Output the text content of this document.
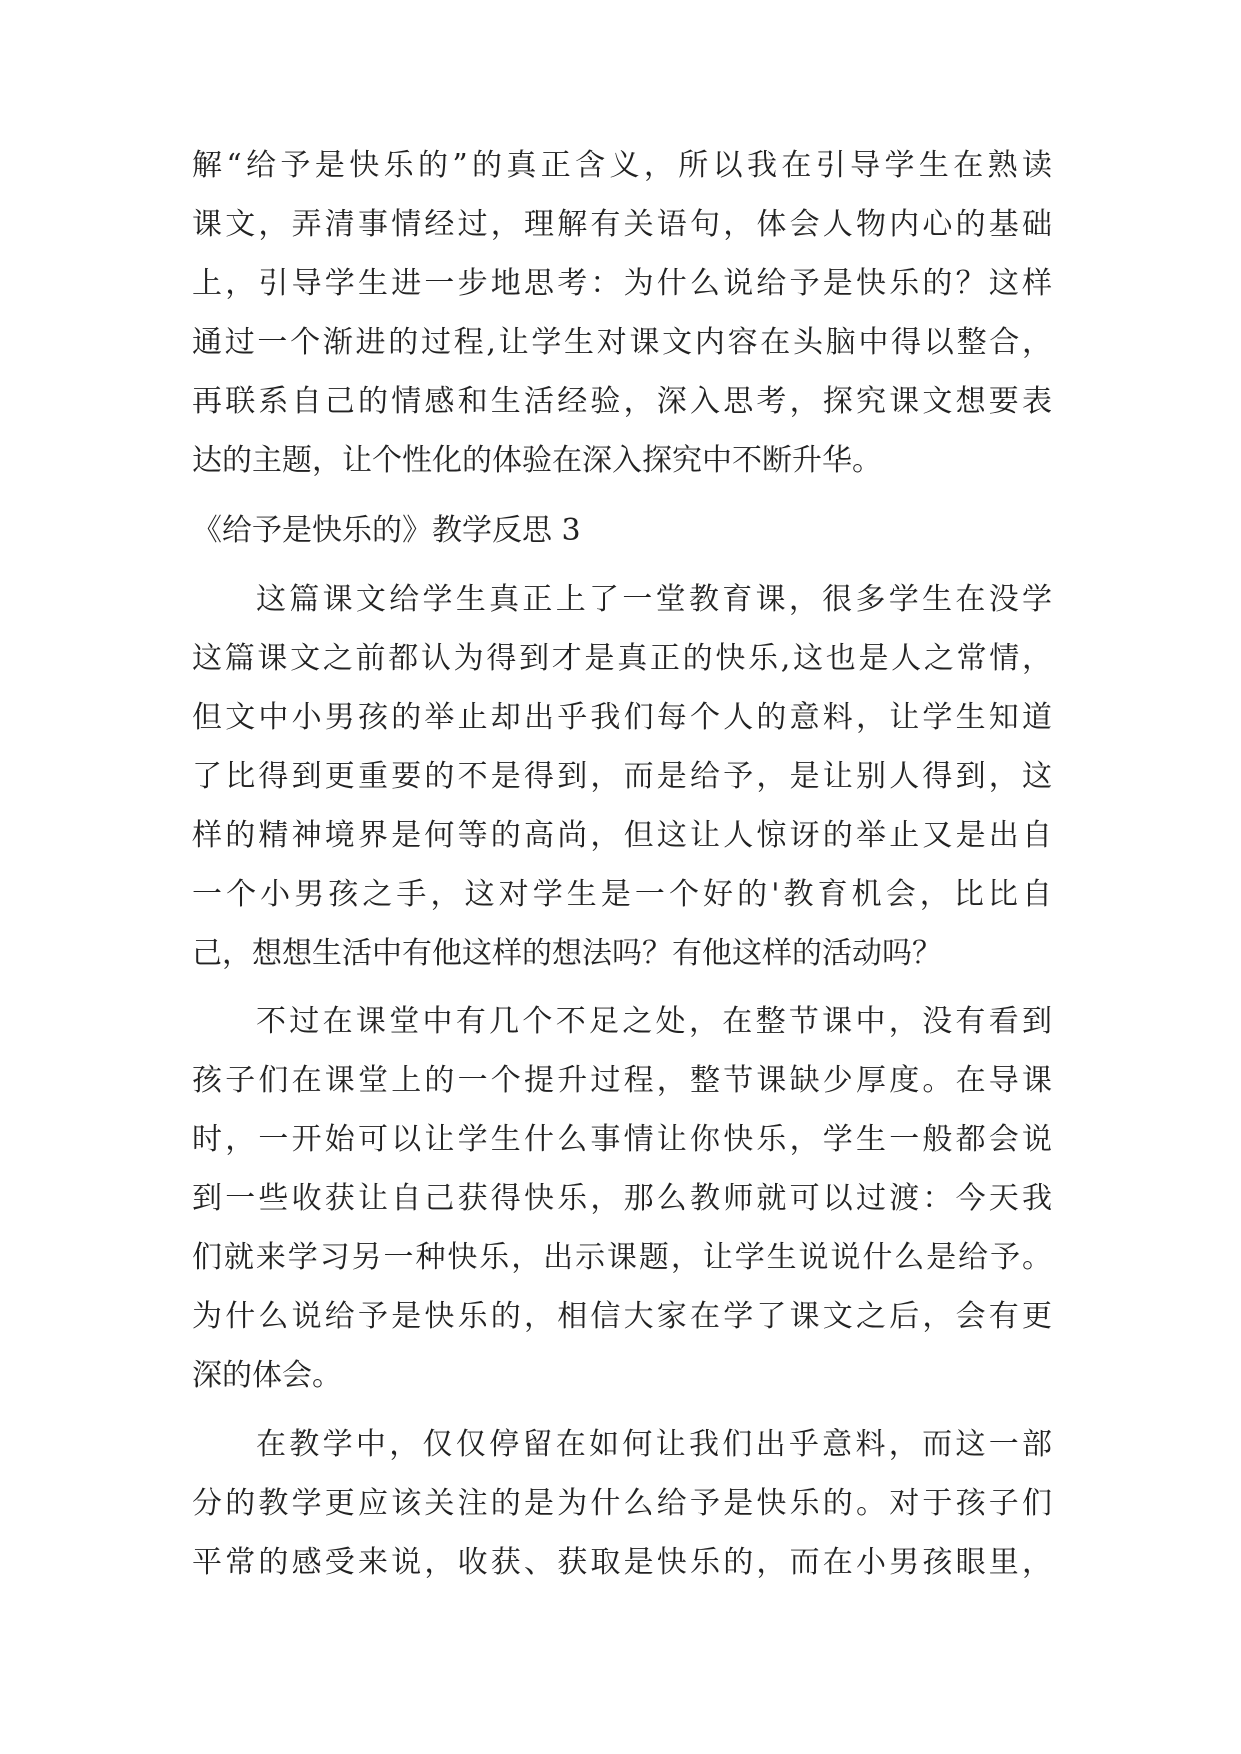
解“给予是快乐的”的真正含义，所以我在引导学生在熟读
课文，弄清事情经过，理解有关语句，体会人物内心的基础
上，引导学生进一步地思考：为什么说给予是快乐的？这样
通过一个渐进的过程,让学生对课文内容在头脑中得以整合，
再联系自己的情感和生活经验，深入思考，探究课文想要表
达的主题，让个性化的体验在深入探究中不断升华。
《给予是快乐的》教学反思 3
这篇课文给学生真正上了一堂教育课，很多学生在没学
这篇课文之前都认为得到才是真正的快乐,这也是人之常情，
但文中小男孩的举止却出乎我们每个人的意料，让学生知道
了比得到更重要的不是得到，而是给予，是让别人得到，这
样的精神境界是何等的高尚，但这让人惊讶的举止又是出自
一个小男孩之手，这对学生是一个好的'教育机会，比比自
己，想想生活中有他这样的想法吗？有他这样的活动吗？
不过在课堂中有几个不足之处，在整节课中，没有看到
孩子们在课堂上的一个提升过程，整节课缺少厚度。在导课
时，一开始可以让学生什么事情让你快乐，学生一般都会说
到一些收获让自己获得快乐，那么教师就可以过渡：今天我
们就来学习另一种快乐，出示课题，让学生说说什么是给予。
为什么说给予是快乐的，相信大家在学了课文之后，会有更
深的体会。
在教学中，仅仅停留在如何让我们出乎意料，而这一部
分的教学更应该关注的是为什么给予是快乐的。对于孩子们
平常的感受来说，收获、获取是快乐的，而在小男孩眼里，
